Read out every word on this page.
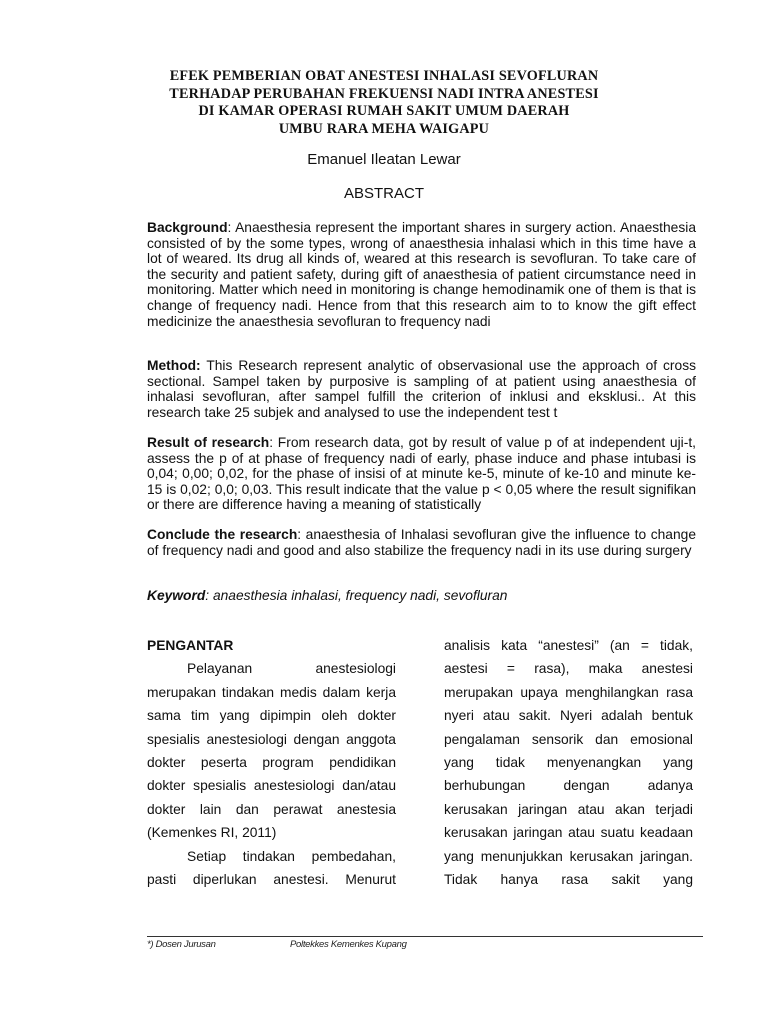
EFEK PEMBERIAN OBAT ANESTESI INHALASI SEVOFLURAN
TERHADAP PERUBAHAN FREKUENSI NADI INTRA ANESTESI
DI KAMAR OPERASI RUMAH SAKIT UMUM DAERAH
UMBU RARA MEHA WAIGAPU
Emanuel Ileatan Lewar
ABSTRACT
Background: Anaesthesia represent the important shares in surgery action. Anaesthesia consisted of by the some types, wrong of anaesthesia inhalasi which in this time have a lot of weared. Its drug all kinds of, weared at this research is sevofluran. To take care of the security and patient safety, during gift of anaesthesia of patient circumstance need in monitoring. Matter which need in monitoring is change hemodinamik one of them is that is change of frequency nadi. Hence from that this research aim to to know the gift effect medicinize the anaesthesia sevofluran to frequency nadi
Method: This Research represent analytic of observasional use the approach of cross sectional. Sampel taken by purposive is sampling of at patient using anaesthesia of inhalasi sevofluran, after sampel fulfill the criterion of inklusi and eksklusi.. At this research take 25 subjek and analysed to use the independent test t
Result of research: From research data, got by result of value p of at independent uji-t, assess the p of at phase of frequency nadi of early, phase induce and phase intubasi is 0,04; 0,00; 0,02, for the phase of insisi of at minute ke-5, minute of ke-10 and minute ke-15 is 0,02; 0,0; 0,03. This result indicate that the value p < 0,05 where the result signifikan or there are difference having a meaning of statistically
Conclude the research: anaesthesia of Inhalasi sevofluran give the influence to change of frequency nadi and good and also stabilize the frequency nadi in its use during surgery
Keyword: anaesthesia inhalasi, frequency nadi, sevofluran
PENGANTAR
Pelayanan anestesiologi
merupakan tindakan medis dalam kerja
sama tim yang dipimpin oleh dokter
spesialis anestesiologi dengan anggota
dokter peserta program pendidikan
dokter spesialis anestesiologi dan/atau
dokter lain dan perawat anestesia
(Kemenkes RI, 2011)
Setiap tindakan pembedahan,
pasti diperlukan anestesi. Menurut
analisis kata “anestesi” (an = tidak,
aestesi = rasa), maka anestesi
merupakan upaya menghilangkan rasa
nyeri atau sakit. Nyeri adalah bentuk
pengalaman sensorik dan emosional
yang tidak menyenangkan yang
berhubungan dengan adanya
kerusakan jaringan atau akan terjadi
kerusakan jaringan atau suatu keadaan
yang menunjukkan kerusakan jaringan.
Tidak hanya rasa sakit yang
*) Dosen Jurusan	Poltekkes Kemenkes Kupang
